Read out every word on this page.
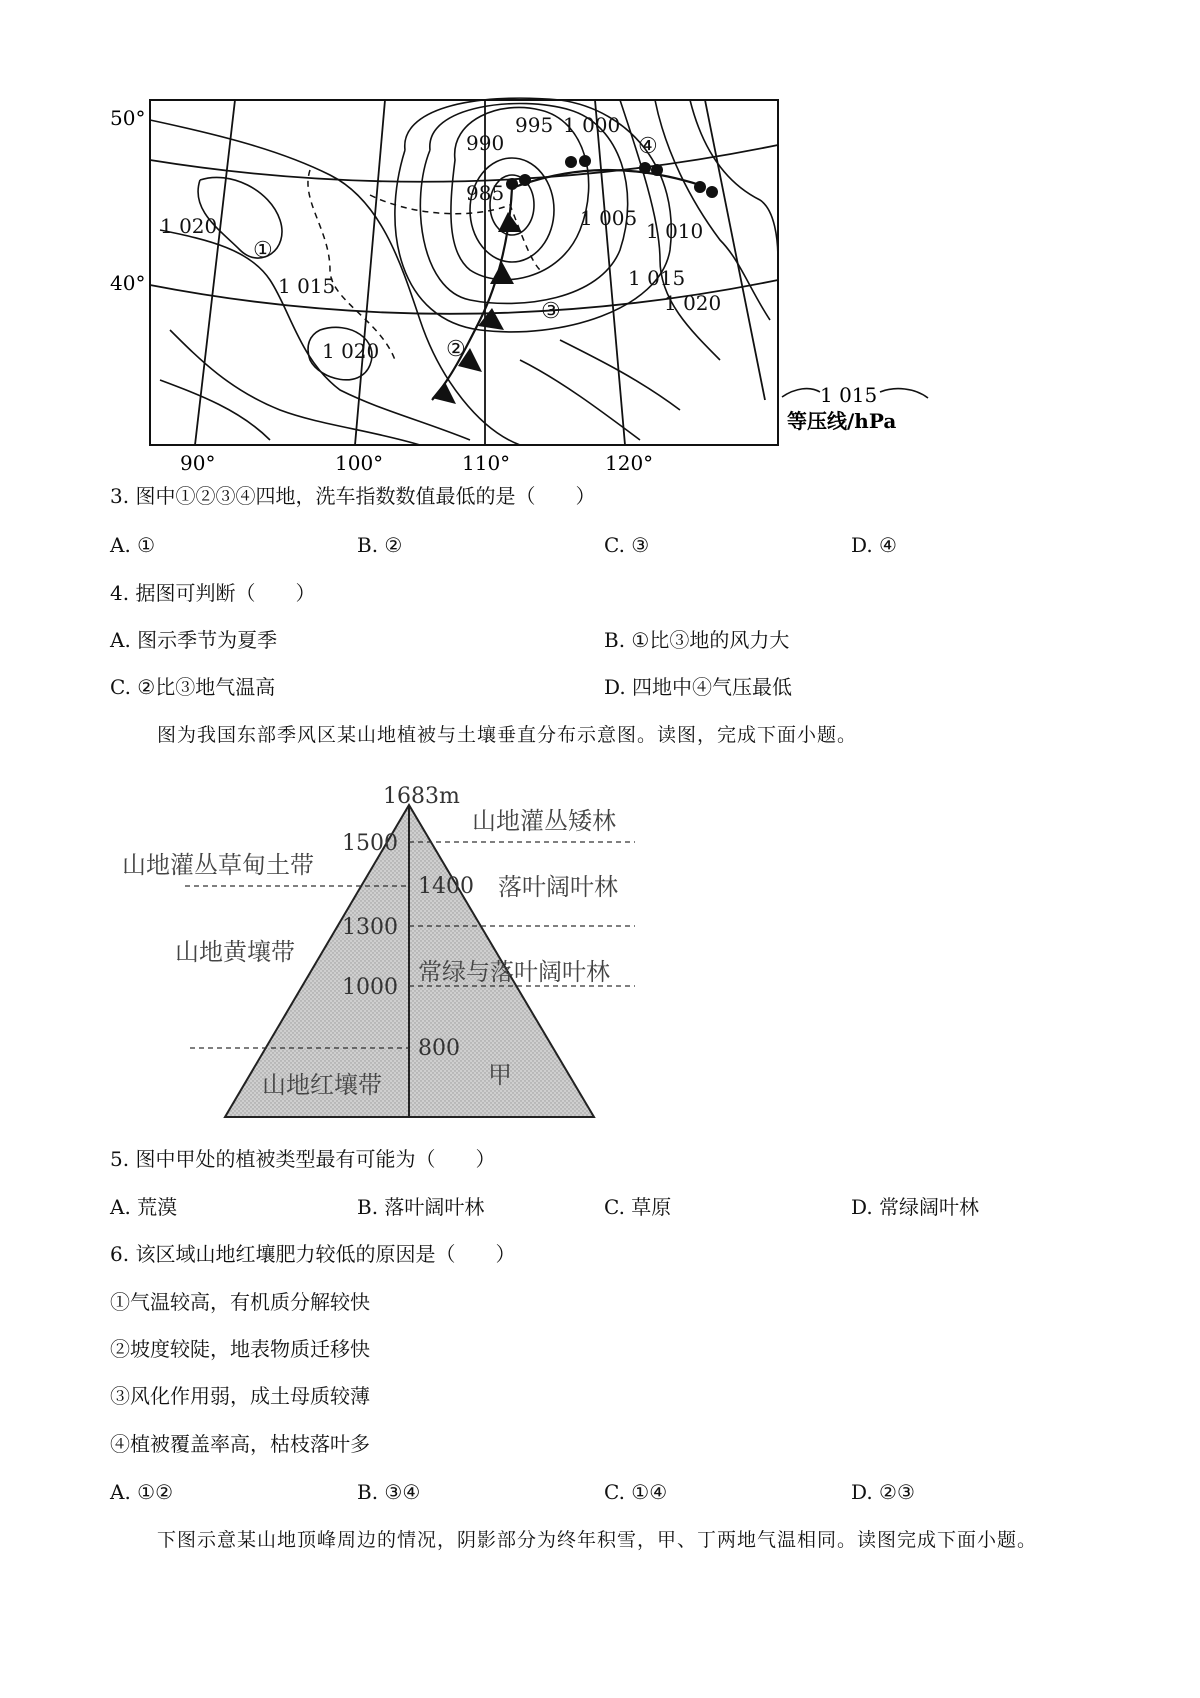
50°
40°
90°	100°	110°	120°
995 1 000
990
985
1 020
1 015
1 020
1 005
1 010
1 015
1 020
①
②
③
④
1 015
等压线/hPa
3. 图中①②③④四地，洗车指数数值最低的是（　　）
A. ①	B. ②	C. ③	D. ④
4. 据图可判断（　　）
A. 图示季节为夏季	B. ①比③地的风力大
C. ②比③地气温高	D. 四地中④气压最低
图为我国东部季风区某山地植被与土壤垂直分布示意图。读图，完成下面小题。
1683m
1500
1400
1300
1000
800
山地灌丛矮林
落叶阔叶林
常绿与落叶阔叶林
甲
山地灌丛草甸土带
山地黄壤带
山地红壤带
5. 图中甲处的植被类型最有可能为（　　）
A. 荒漠	B. 落叶阔叶林	C. 草原	D. 常绿阔叶林
6. 该区域山地红壤肥力较低的原因是（　　）
①气温较高，有机质分解较快
②坡度较陡，地表物质迁移快
③风化作用弱，成土母质较薄
④植被覆盖率高，枯枝落叶多
A. ①②	B. ③④	C. ①④	D. ②③
下图示意某山地顶峰周边的情况，阴影部分为终年积雪，甲、丁两地气温相同。读图完成下面小题。
